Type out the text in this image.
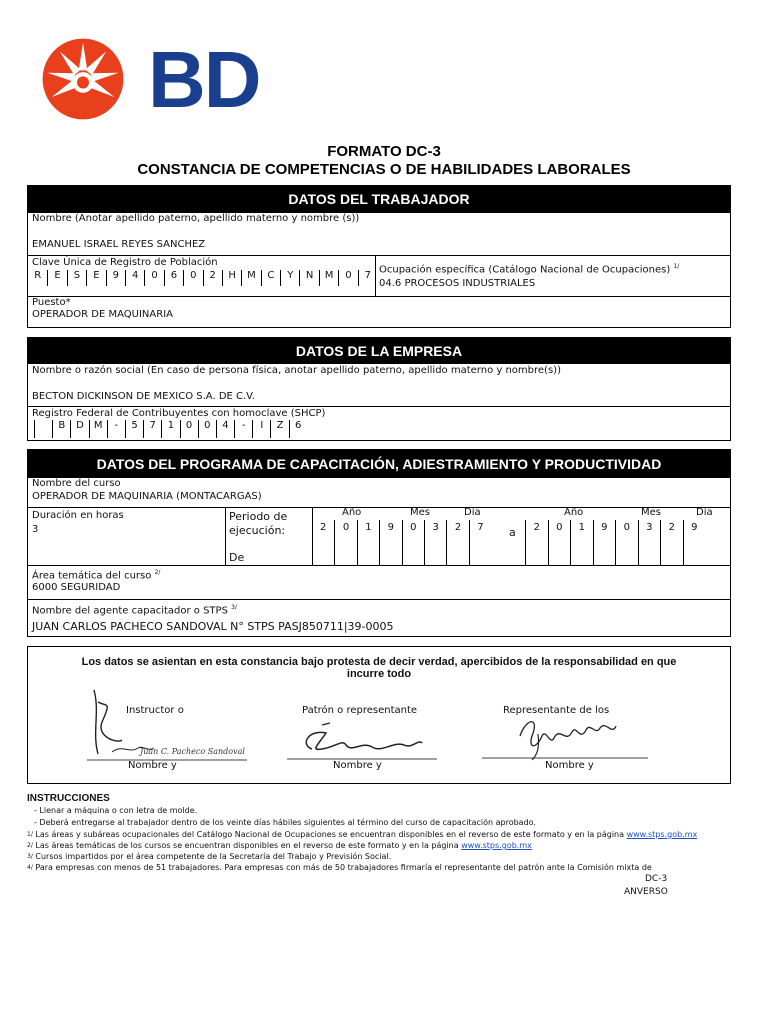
BD
FORMATO DC-3
CONSTANCIA DE COMPETENCIAS O DE HABILIDADES LABORALES
DATOS DEL TRABAJADOR
Nombre (Anotar apellido paterno, apellido materno y nombre (s))
EMANUEL ISRAEL REYES SANCHEZ
Clave Única de Registro de Población
R	E	S	E	9	4	0	6	0	2	H	M	C	Y	N	M	0	7
Ocupación específica (Catálogo Nacional de Ocupaciones) $^{1/}$
04.6 PROCESOS INDUSTRIALES
Puesto*
OPERADOR DE MAQUINARIA
DATOS DE LA EMPRESA
Nombre o razón social (En caso de persona física, anotar apellido paterno, apellido materno y nombre(s))
BECTON DICKINSON DE MEXICO S.A. DE C.V.
Registro Federal de Contribuyentes con homoclave (SHCP)
B	D	M	-	5	7	1	0	0	4	-	I	Z	6
DATOS DEL PROGRAMA DE CAPACITACIÓN, ADIESTRAMIENTO Y PRODUCTIVIDAD
Nombre del curso
OPERADOR DE MAQUINARIA (MONTACARGAS)
Duración en horas
3
Periodo de
ejecución:
De
Año	Mes	Día	Año	Mes	Día
2	0	1	9	0	3	2	7	a	2	0	1	9	0	3	2	9
Área temática del curso $^{2/}$
6000 SEGURIDAD
Nombre del agente capacitador o STPS $^{3/}$
JUAN CARLOS PACHECO SANDOVAL N° STPS PASJ850711|39-0005
Los datos se asientan en esta constancia bajo protesta de decir verdad, apercibidos de la responsabilidad en que
incurre todo
Instructor o	Patrón o representante	Representante de los
Juan C. Pacheco Sandoval
Nombre y	Nombre y	Nombre y
INSTRUCCIONES
- Llenar a máquina o con letra de molde.
- Deberá entregarse al trabajador dentro de los veinte días hábiles siguientes al término del curso de capacitación aprobado.
$^{1/}$ Las áreas y subáreas ocupacionales del Catálogo Nacional de Ocupaciones se encuentran disponibles en el reverso de este formato y en la página www.stps.gob.mx
$^{2/}$ Las áreas temáticas de los cursos se encuentran disponibles en el reverso de este formato y en la página www.stps.gob.mx
$^{3/}$ Cursos impartidos por el área competente de la Secretaría del Trabajo y Previsión Social.
$^{4/}$ Para empresas con menos de 51 trabajadores. Para empresas con más de 50 trabajadores firmaría el representante del patrón ante la Comisión mixta de
DC-3
ANVERSO
